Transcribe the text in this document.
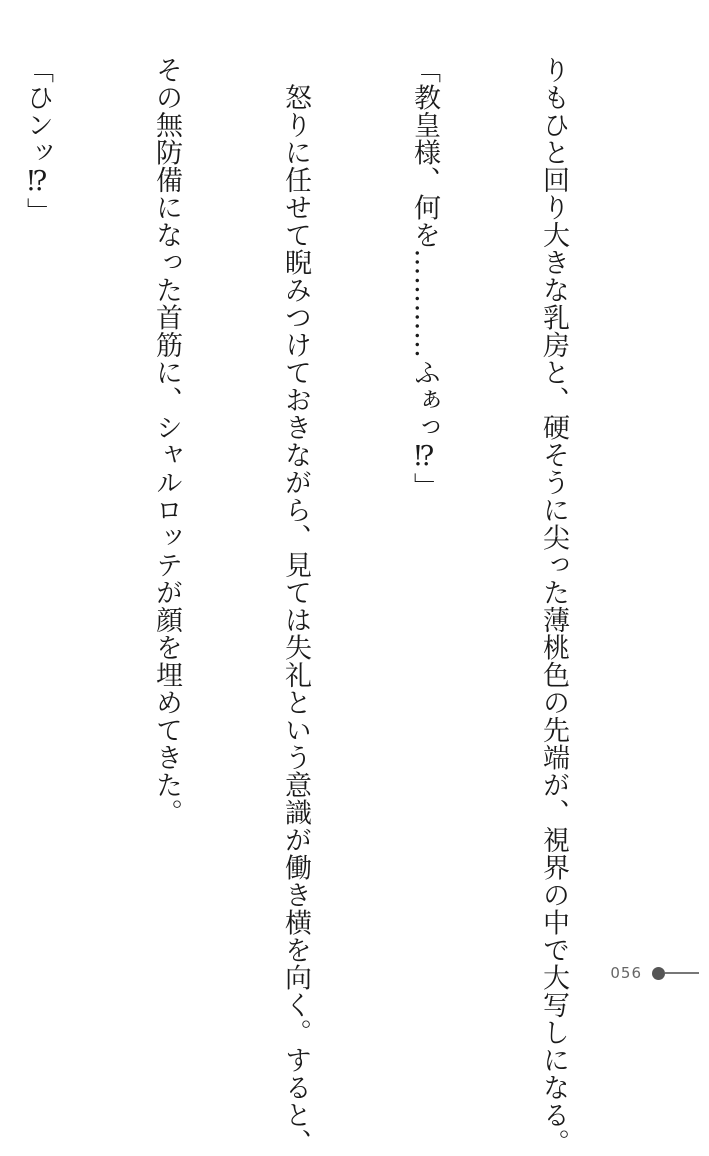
りもひと回り大きな乳房と、硬そうに尖った薄桃色の先端が、視界の中で大写しになる。

「教皇様、何を…………ふぁっ⁉」

　怒りに任せて睨みつけておきながら、見ては失礼という意識が働き横を向く。すると、

その無防備になった首筋に、シャルロッテが顔を埋めてきた。

「ひンッ⁉」

056
